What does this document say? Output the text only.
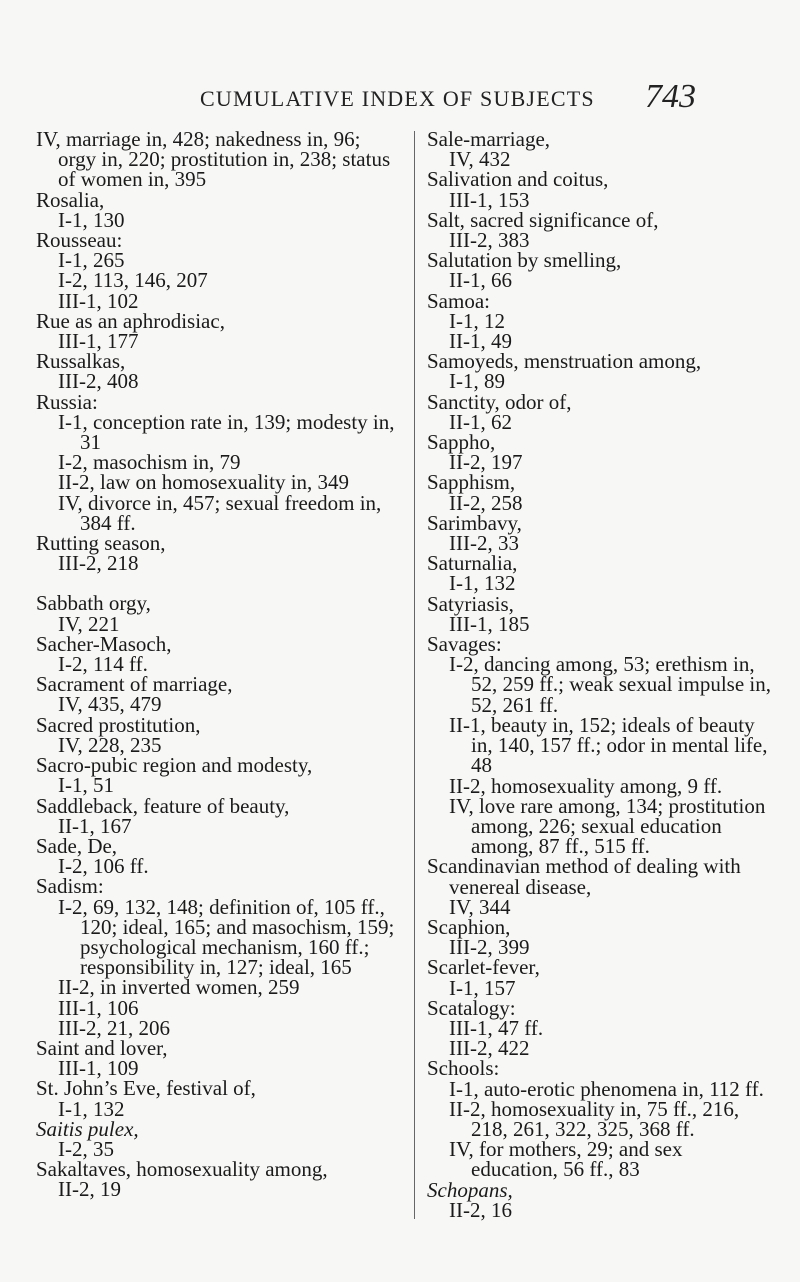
CUMULATIVE INDEX OF SUBJECTS 743
IV, marriage in, 428; nakedness in, 96; orgy in, 220; prostitution in, 238; status of women in, 395
Rosalia,
I-1, 130
Rousseau:
I-1, 265
I-2, 113, 146, 207
III-1, 102
Rue as an aphrodisiac,
III-1, 177
Russalkas,
III-2, 408
Russia:
I-1, conception rate in, 139; modesty in, 31
I-2, masochism in, 79
II-2, law on homosexuality in, 349
IV, divorce in, 457; sexual freedom in, 384 ff.
Rutting season,
III-2, 218
Sabbath orgy,
IV, 221
Sacher-Masoch,
I-2, 114 ff.
Sacrament of marriage,
IV, 435, 479
Sacred prostitution,
IV, 228, 235
Sacro-pubic region and modesty,
I-1, 51
Saddleback, feature of beauty,
II-1, 167
Sade, De,
I-2, 106 ff.
Sadism:
I-2, 69, 132, 148; definition of, 105 ff., 120; ideal, 165; and masochism, 159; psychological mechanism, 160 ff.; responsibility in, 127; ideal, 165
II-2, in inverted women, 259
III-1, 106
III-2, 21, 206
Saint and lover,
III-1, 109
St. John’s Eve, festival of,
I-1, 132
Saitis pulex,
I-2, 35
Sakaltaves, homosexuality among,
II-2, 19
Sale-marriage,
IV, 432
Salivation and coitus,
III-1, 153
Salt, sacred significance of,
III-2, 383
Salutation by smelling,
II-1, 66
Samoa:
I-1, 12
II-1, 49
Samoyeds, menstruation among,
I-1, 89
Sanctity, odor of,
II-1, 62
Sappho,
II-2, 197
Sapphism,
II-2, 258
Sarimbavy,
III-2, 33
Saturnalia,
I-1, 132
Satyriasis,
III-1, 185
Savages:
I-2, dancing among, 53; erethism in, 52, 259 ff.; weak sexual impulse in, 52, 261 ff.
II-1, beauty in, 152; ideals of beauty in, 140, 157 ff.; odor in mental life, 48
II-2, homosexuality among, 9 ff.
IV, love rare among, 134; prostitution among, 226; sexual education among, 87 ff., 515 ff.
Scandinavian method of dealing with venereal disease,
IV, 344
Scaphion,
III-2, 399
Scarlet-fever,
I-1, 157
Scatalogy:
III-1, 47 ff.
III-2, 422
Schools:
I-1, auto-erotic phenomena in, 112 ff.
II-2, homosexuality in, 75 ff., 216, 218, 261, 322, 325, 368 ff.
IV, for mothers, 29; and sex education, 56 ff., 83
Schopans,
II-2, 16
